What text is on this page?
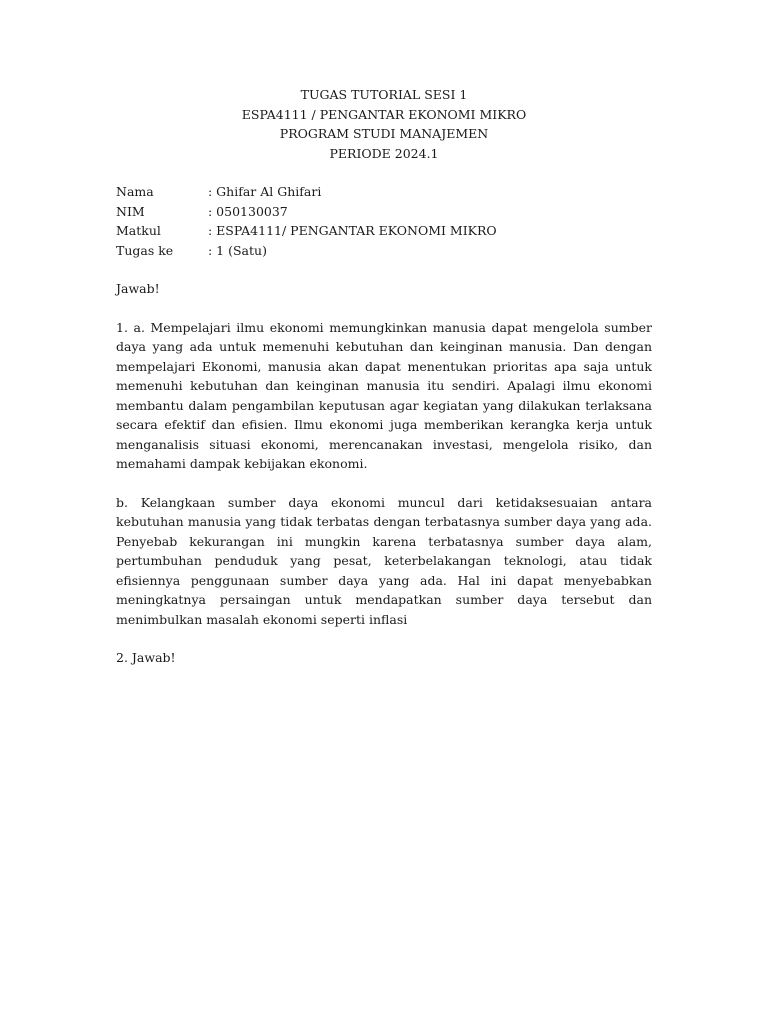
TUGAS TUTORIAL SESI 1
ESPA4111 / PENGANTAR EKONOMI MIKRO
PROGRAM STUDI MANAJEMEN
PERIODE 2024.1
Nama	: Ghifar Al Ghifari
NIM	: 050130037
Matkul	: ESPA4111/ PENGANTAR EKONOMI MIKRO
Tugas ke	: 1 (Satu)
Jawab!

1. a. Mempelajari ilmu ekonomi memungkinkan manusia dapat mengelola sumber daya yang ada untuk memenuhi kebutuhan dan keinginan manusia. Dan dengan mempelajari Ekonomi, manusia akan dapat menentukan prioritas apa saja untuk memenuhi kebutuhan dan keinginan manusia itu sendiri. Apalagi ilmu ekonomi membantu dalam pengambilan keputusan agar kegiatan yang dilakukan terlaksana secara efektif dan efisien. Ilmu ekonomi juga memberikan kerangka kerja untuk menganalisis situasi ekonomi, merencanakan investasi, mengelola risiko, dan memahami dampak kebijakan ekonomi.

b. Kelangkaan sumber daya ekonomi muncul dari ketidaksesuaian antara kebutuhan manusia yang tidak terbatas dengan terbatasnya sumber daya yang ada. Penyebab kekurangan ini mungkin karena terbatasnya sumber daya alam, pertumbuhan penduduk yang pesat, keterbelakangan teknologi, atau tidak efisiennya penggunaan sumber daya yang ada. Hal ini dapat menyebabkan meningkatnya persaingan untuk mendapatkan sumber daya tersebut dan menimbulkan masalah ekonomi seperti inflasi

2. Jawab!
